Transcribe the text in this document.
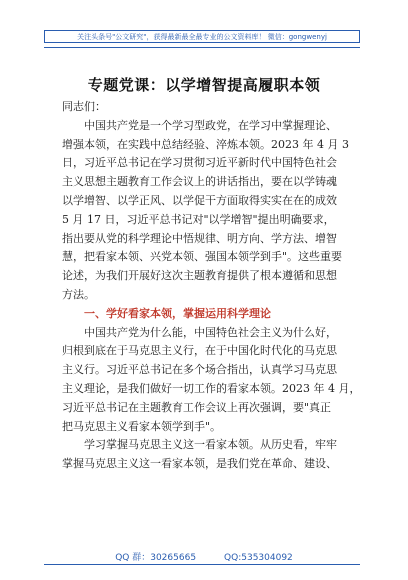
关注头条号"公文研究"，获得最新最全最专业的公文资料库！ 微信：gongwenyj
专题党课：以学增智提高履职本领
同志们：
中国共产党是一个学习型政党，在学习中掌握理论、
增强本领，在实践中总结经验、淬炼本领。2023 年 4 月 3
日，习近平总书记在学习贯彻习近平新时代中国特色社会
主义思想主题教育工作会议上的讲话指出，要在以学铸魂
以学增智、以学正风、以学促干方面取得实实在在的成效
5 月 17 日，习近平总书记对"以学增智"提出明确要求，
指出要从党的科学理论中悟规律、明方向、学方法、增智
慧，把看家本领、兴党本领、强国本领学到手"。这些重要
论述，为我们开展好这次主题教育提供了根本遵循和思想
方法。
一、学好看家本领，掌握运用科学理论
中国共产党为什么能，中国特色社会主义为什么好，
归根到底在于马克思主义行，在于中国化时代化的马克思
主义行。习近平总书记在多个场合指出，认真学习马克思
主义理论，是我们做好一切工作的看家本领。2023 年 4 月，
习近平总书记在主题教育工作会议上再次强调，要"真正
把马克思主义看家本领学到手"。
学习掌握马克思主义这一看家本领。从历史看，牢牢
掌握马克思主义这一看家本领，是我们党在革命、建设、
QQ 群：30265665	QQ:535304092
